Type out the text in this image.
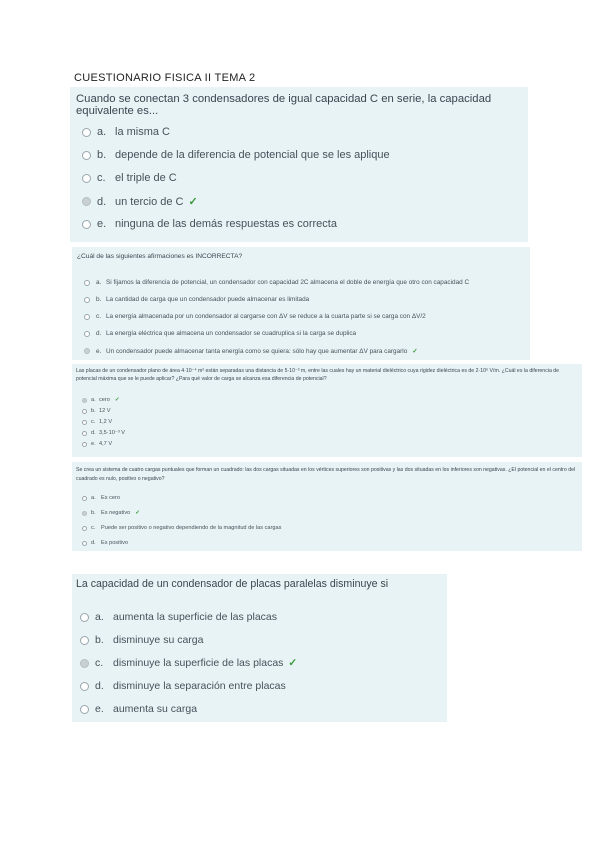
CUESTIONARIO FISICA II TEMA 2
Cuando se conectan 3 condensadores de igual capacidad C en serie, la capacidad equivalente es...
a. la misma C
b. depende de la diferencia de potencial que se les aplique
c. el triple de C
d. un tercio de C ✓
e. ninguna de las demás respuestas es correcta
¿Cuál de las siguientes afirmaciones es INCORRECTA?
a. Si fijamos la diferencia de potencial, un condensador con capacidad 2C almacena el doble de energía que otro con capacidad C
b. La cantidad de carga que un condensador puede almacenar es limitada
c. La energía almacenada por un condensador al cargarse con ΔV se reduce a la cuarta parte si se carga con ΔV/2
d. La energía eléctrica que almacena un condensador se cuadruplica si la carga se duplica
e. Un condensador puede almacenar tanta energía como se quiera: sólo hay que aumentar ΔV para cargarlo ✓
Las placas de un condensador plano de área 4·10⁻⁴ m² están separadas una distancia de 5·10⁻³ m, entre las cuales hay un material dieléctrico cuya rigidez dieléctrica es de 2·10⁶ V/m. ¿Cuál es la diferencia de potencial máxima que se le puede aplicar? ¿Para qué valor de carga se alcanza esa diferencia de potencial?
a. cero ✓
b. 12 V
c. 1,2 V
d. 3,5·10⁻³ V
e. 4,7 V
Se crea un sistema de cuatro cargas puntuales que forman un cuadrado: las dos cargas situadas en los vértices superiores son positivas y las dos situadas en los inferiores son negativas. ¿El potencial en el centro del cuadrado es nulo, positivo o negativo?
a. Es cero
b. Es negativo ✓
c.	Puede ser positivo o negativo dependiendo de la magnitud de las cargas
d. Es positivo
La capacidad de un condensador de placas paralelas disminuye si
a. aumenta la superficie de las placas
b. disminuye su carga
c. disminuye la superficie de las placas ✓
d. disminuye la separación entre placas
e. aumenta su carga
